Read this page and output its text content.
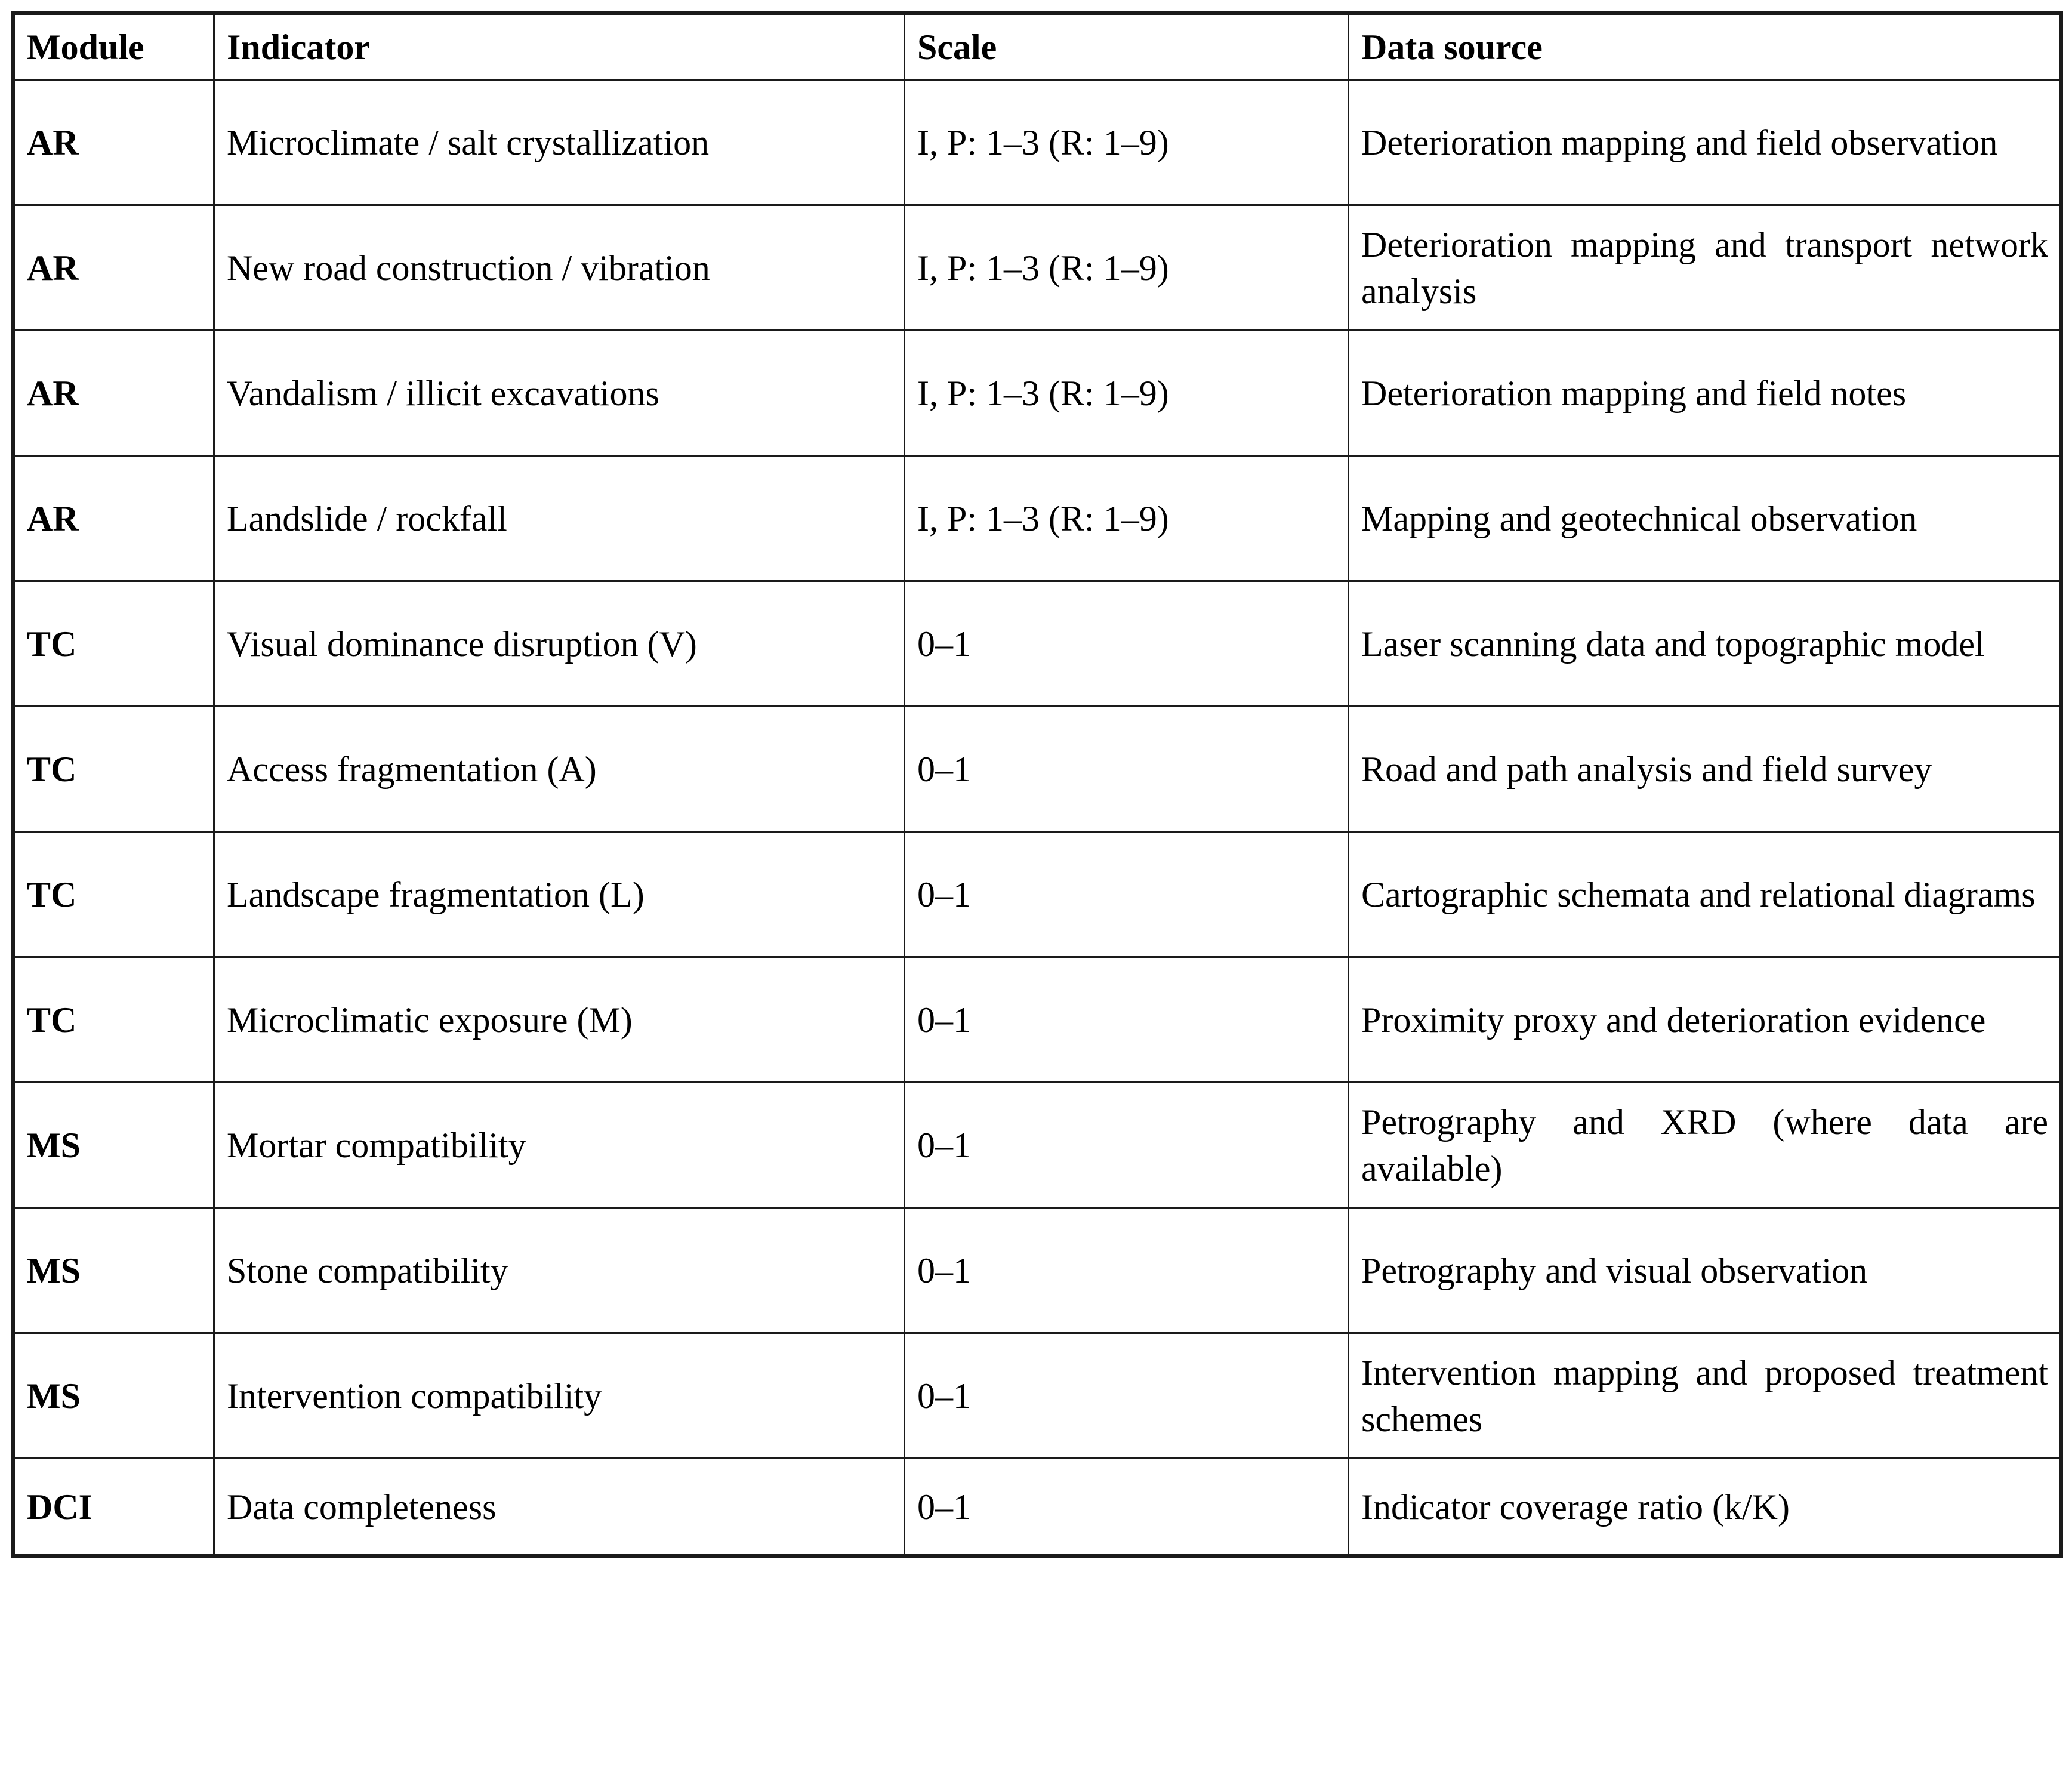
Module	Indicator	Scale	Data source
AR	Microclimate / salt crystallization	I, P: 1–3 (R: 1–9)	Deterioration mapping and field observation
AR	New road construction / vibration	I, P: 1–3 (R: 1–9)	Deterioration mapping and transport network analysis
AR	Vandalism / illicit excavations	I, P: 1–3 (R: 1–9)	Deterioration mapping and field notes
AR	Landslide / rockfall	I, P: 1–3 (R: 1–9)	Mapping and geotechnical observation
TC	Visual dominance disruption (V)	0–1	Laser scanning data and topographic model
TC	Access fragmentation (A)	0–1	Road and path analysis and field survey
TC	Landscape fragmentation (L)	0–1	Cartographic schemata and relational diagrams
TC	Microclimatic exposure (M)	0–1	Proximity proxy and deterioration evidence
MS	Mortar compatibility	0–1	Petrography and XRD (where data are available)
MS	Stone compatibility	0–1	Petrography and visual observation
MS	Intervention compatibility	0–1	Intervention mapping and proposed treatment schemes
DCI	Data completeness	0–1	Indicator coverage ratio (k/K)
